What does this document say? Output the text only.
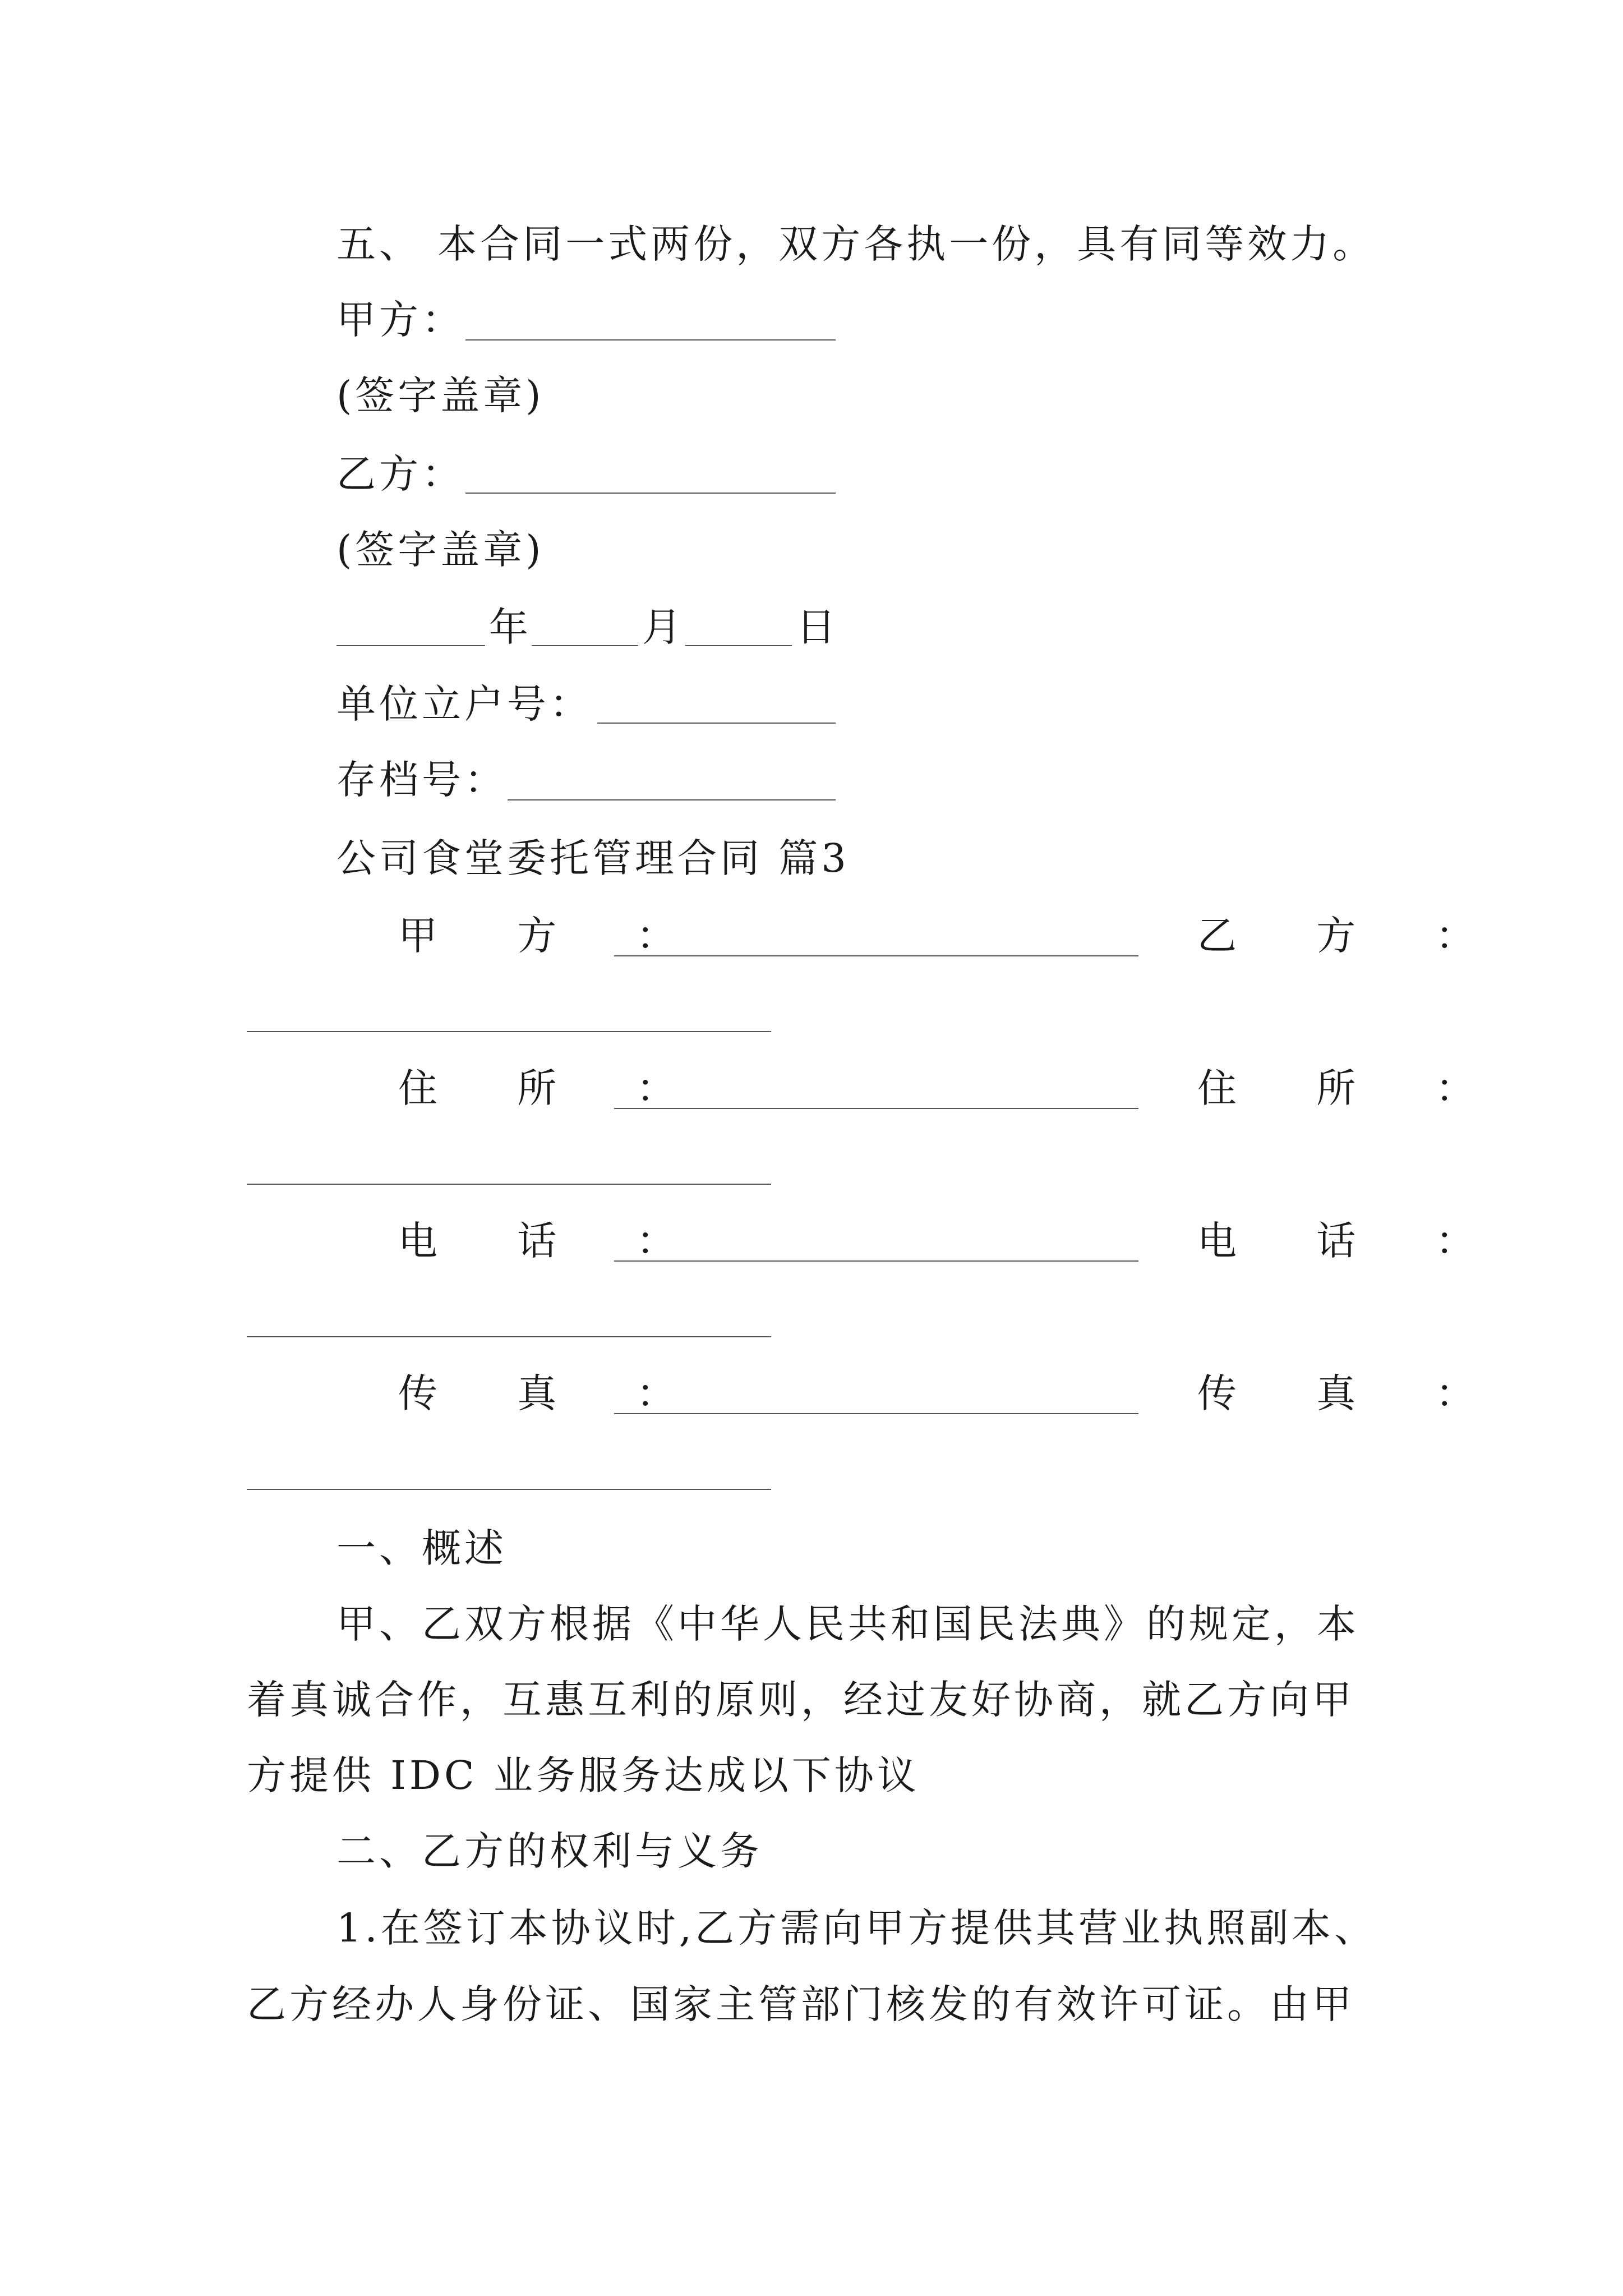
五、 本合同一式两份，双方各执一份，具有同等效力。
甲方：
(签字盖章)
乙方：
(签字盖章)
年	月	日
单位立户号：
存档号：
公司食堂委托管理合同 篇3
甲 方 ：	乙 方 ：
住 所 ：	住 所 ：
电 话 ：	电 话 ：
传 真 ：	传 真 ：
一、概述
甲、乙双方根据《中华人民共和国民法典》的规定，本
着真诚合作，互惠互利的原则，经过友好协商，就乙方向甲
方提供 IDC 业务服务达成以下协议
二、乙方的权利与义务
1.在签订本协议时,乙方需向甲方提供其营业执照副本、
乙方经办人身份证、国家主管部门核发的有效许可证。由甲
